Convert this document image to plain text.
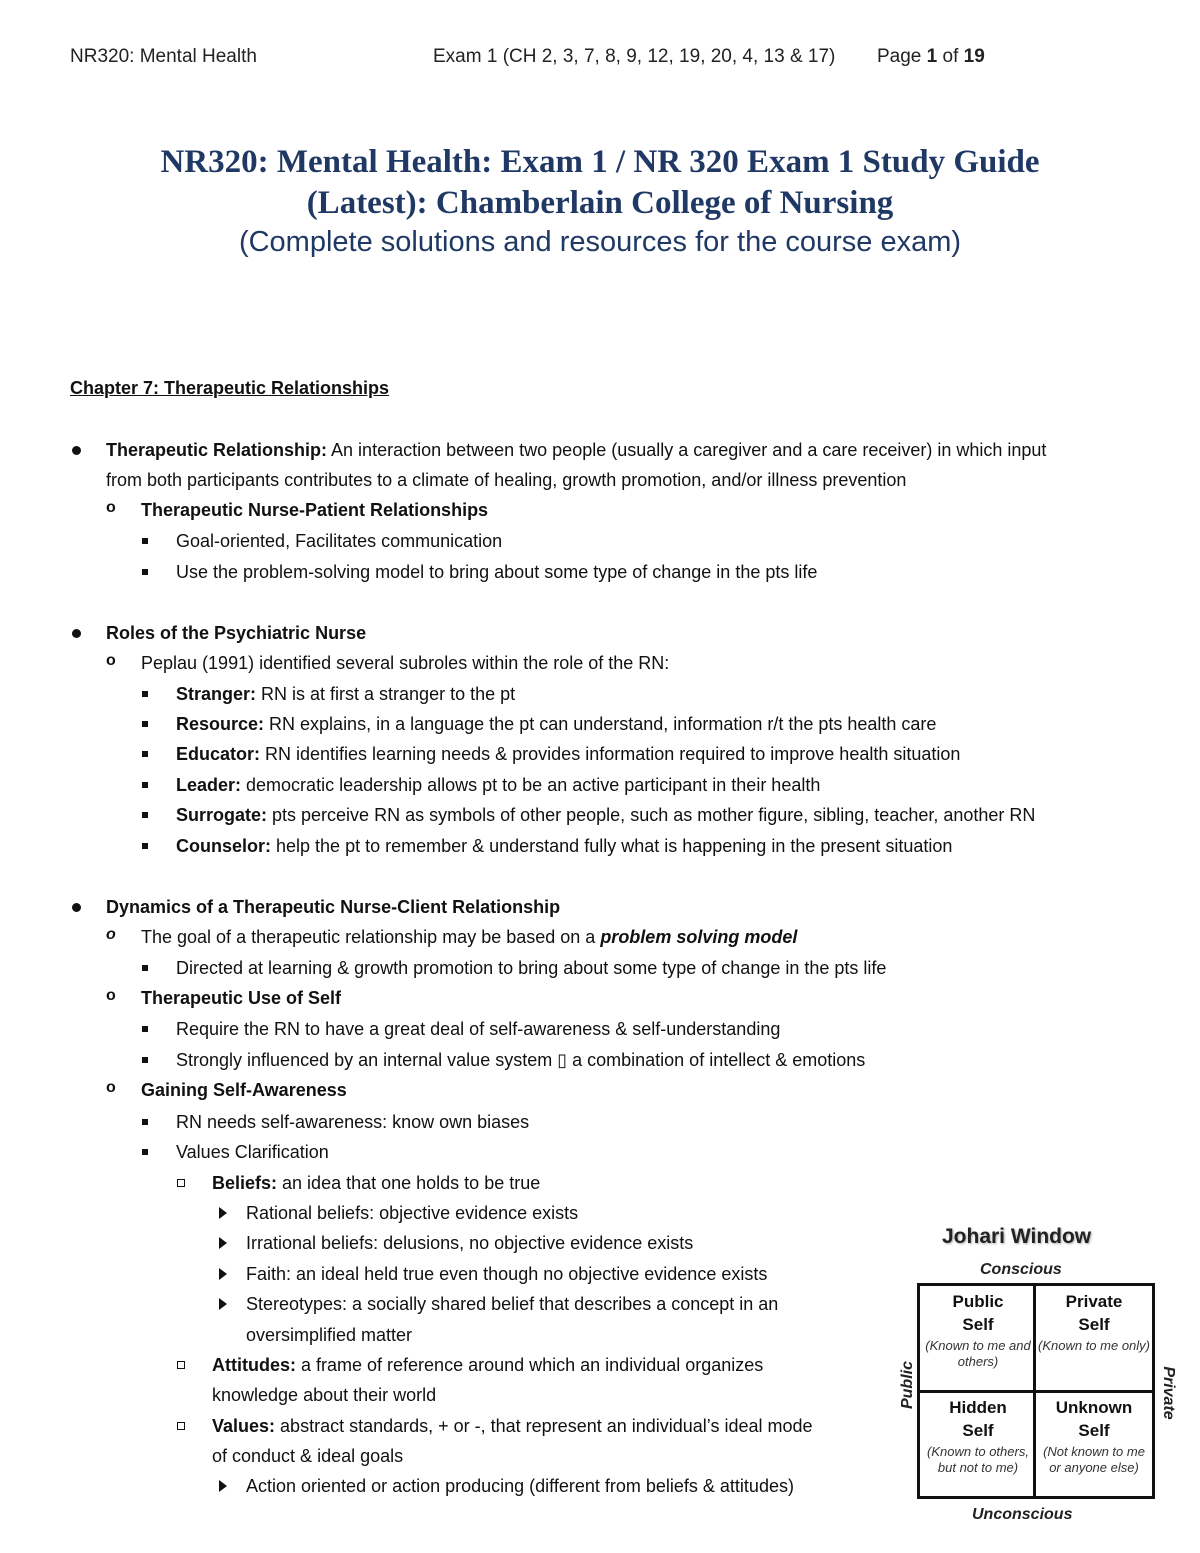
NR320: Mental Health	Exam 1 (CH 2, 3, 7, 8, 9, 12, 19, 20, 4, 13 & 17) Page 1 of 19
NR320: Mental Health: Exam 1 / NR 320 Exam 1 Study Guide
(Latest): Chamberlain College of Nursing
(Complete solutions and resources for the course exam)
Chapter 7: Therapeutic Relationships
Therapeutic Relationship: An interaction between two people (usually a caregiver and a care receiver) in which input
from both participants contributes to a climate of healing, growth promotion, and/or illness prevention
o Therapeutic Nurse-Patient Relationships
Goal-oriented, Facilitates communication
Use the problem-solving model to bring about some type of change in the pts life
Roles of the Psychiatric Nurse
o Peplau (1991) identified several subroles within the role of the RN:
Stranger: RN is at first a stranger to the pt
Resource: RN explains, in a language the pt can understand, information r/t the pts health care
Educator: RN identifies learning needs & provides information required to improve health situation
Leader: democratic leadership allows pt to be an active participant in their health
Surrogate: pts perceive RN as symbols of other people, such as mother figure, sibling, teacher, another RN
Counselor: help the pt to remember & understand fully what is happening in the present situation
Dynamics of a Therapeutic Nurse-Client Relationship
o The goal of a therapeutic relationship may be based on a problem solving model
Directed at learning & growth promotion to bring about some type of change in the pts life
o Therapeutic Use of Self
Require the RN to have a great deal of self-awareness & self-understanding
Strongly influenced by an internal value system ▯ a combination of intellect & emotions
o Gaining Self-Awareness
RN needs self-awareness: know own biases
Values Clarification
Beliefs: an idea that one holds to be true
Rational beliefs: objective evidence exists
Irrational beliefs: delusions, no objective evidence exists
Faith: an ideal held true even though no objective evidence exists
Stereotypes: a socially shared belief that describes a concept in an
oversimplified matter
Attitudes: a frame of reference around which an individual organizes
knowledge about their world
Values: abstract standards, + or -, that represent an individual’s ideal mode
of conduct & ideal goals
Action oriented or action producing (different from beliefs & attitudes)
Johari Window
Conscious
Public	Private
Public
Self
(Known to me and others)
Private
Self
(Known to me only)
Hidden
Self
(Known to others, but not to me)
Unknown
Self
(Not known to me or anyone else)
Unconscious
